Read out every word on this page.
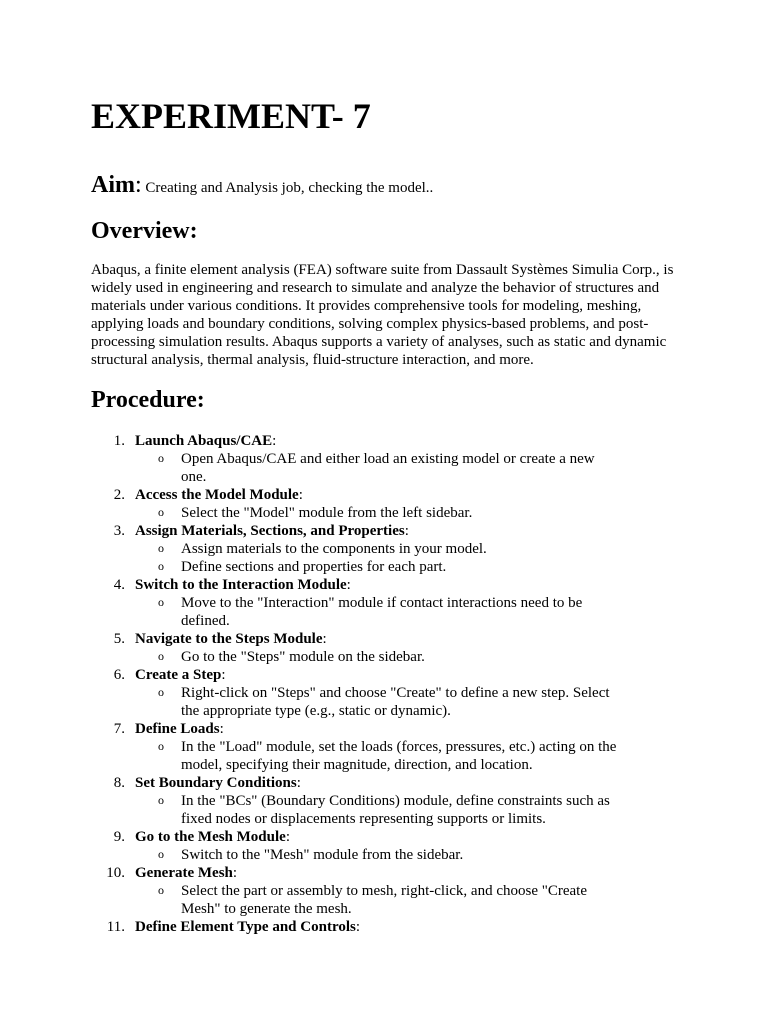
EXPERIMENT- 7

Aim: Creating and Analysis job, checking the model..

Overview:

Abaqus, a finite element analysis (FEA) software suite from Dassault Systèmes Simulia Corp., is widely used in engineering and research to simulate and analyze the behavior of structures and materials under various conditions. It provides comprehensive tools for modeling, meshing, applying loads and boundary conditions, solving complex physics-based problems, and post-processing simulation results. Abaqus supports a variety of analyses, such as static and dynamic structural analysis, thermal analysis, fluid-structure interaction, and more.

Procedure:
1. Launch Abaqus/CAE:
o Open Abaqus/CAE and either load an existing model or create a new one.
2. Access the Model Module:
o Select the "Model" module from the left sidebar.
3. Assign Materials, Sections, and Properties:
o Assign materials to the components in your model.
o Define sections and properties for each part.
4. Switch to the Interaction Module:
o Move to the "Interaction" module if contact interactions need to be defined.
5. Navigate to the Steps Module:
o Go to the "Steps" module on the sidebar.
6. Create a Step:
o Right-click on "Steps" and choose "Create" to define a new step. Select the appropriate type (e.g., static or dynamic).
7. Define Loads:
o In the "Load" module, set the loads (forces, pressures, etc.) acting on the model, specifying their magnitude, direction, and location.
8. Set Boundary Conditions:
o In the "BCs" (Boundary Conditions) module, define constraints such as fixed nodes or displacements representing supports or limits.
9. Go to the Mesh Module:
o Switch to the "Mesh" module from the sidebar.
10. Generate Mesh:
o Select the part or assembly to mesh, right-click, and choose "Create Mesh" to generate the mesh.
11. Define Element Type and Controls:
